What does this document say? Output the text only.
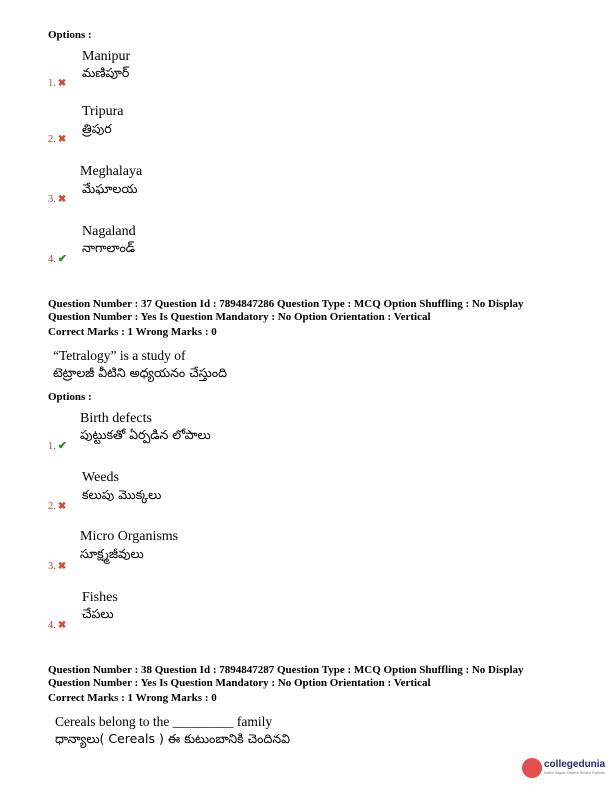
Options :
Manipur
మణిపూర్
1. ✖
Tripura
త్రిపుర
2. ✖
Meghalaya
మేఘాలయ
3. ✖
Nagaland
నాగాలాండ్
4. ✔
Question Number : 37 Question Id : 7894847286 Question Type : MCQ Option Shuffling : No Display
Question Number : Yes Is Question Mandatory : No Option Orientation : Vertical
Correct Marks : 1 Wrong Marks : 0
“Tetralogy” is a study of
టెట్రాలజీ వీటిని అధ్యయనం చేస్తుంది
Options :
Birth defects
పుట్టుకతో ఏర్పడిన లోపాలు
1. ✔
Weeds
కలుపు మొక్కలు
2. ✖
Micro Organisms
సూక్ష్మజీవులు
3. ✖
Fishes
చేపలు
4. ✖
Question Number : 38 Question Id : 7894847287 Question Type : MCQ Option Shuffling : No Display
Question Number : Yes Is Question Mandatory : No Option Orientation : Vertical
Correct Marks : 1 Wrong Marks : 0
Cereals belong to the _________ family
ధాన్యాలు( Cereals ) ఈ కుటుంబానికి చెందినవి
collegedunia
India's largest Student Review Platform
